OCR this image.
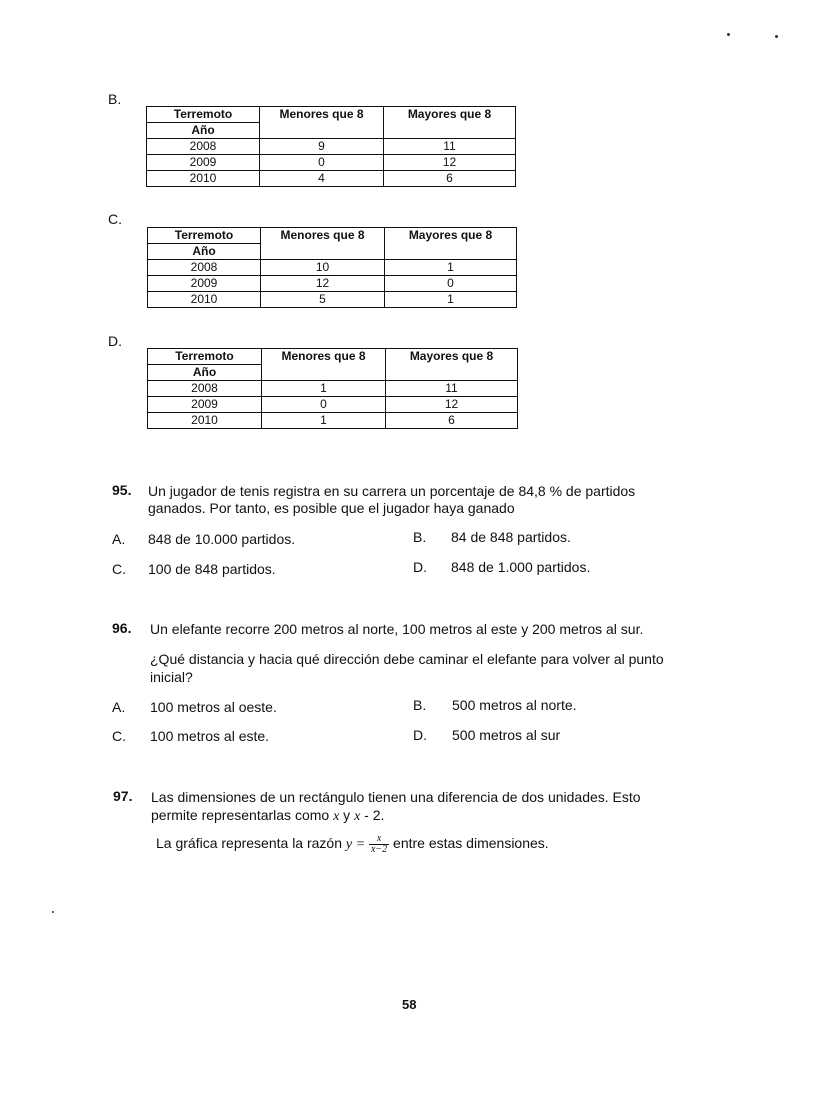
B.
Terremoto	Menores que 8	Mayores que 8
Año		
2008	9	11
2009	0	12
2010	4	6
C.
Terremoto	Menores que 8	Mayores que 8
Año		
2008	10	1
2009	12	0
2010	5	1
D.
Terremoto	Menores que 8	Mayores que 8
Año		
2008	1	11
2009	0	12
2010	1	6
95. Un jugador de tenis registra en su carrera un porcentaje de 84,8 % de partidos
ganados. Por tanto, es posible que el jugador haya ganado
A. 848 de 10.000 partidos.	B. 84 de 848 partidos.
C. 100 de 848 partidos.	D. 848 de 1.000 partidos.
96. Un elefante recorre 200 metros al norte, 100 metros al este y 200 metros al sur.
¿Qué distancia y hacia qué dirección debe caminar el elefante para volver al punto
inicial?
A. 100 metros al oeste.	B. 500 metros al norte.
C. 100 metros al este.	D. 500 metros al sur
97. Las dimensiones de un rectángulo tienen una diferencia de dos unidades. Esto
permite representarlas como x y x - 2.
La gráfica representa la razón $y = \frac{x}{x-2}$ entre estas dimensiones.
58
